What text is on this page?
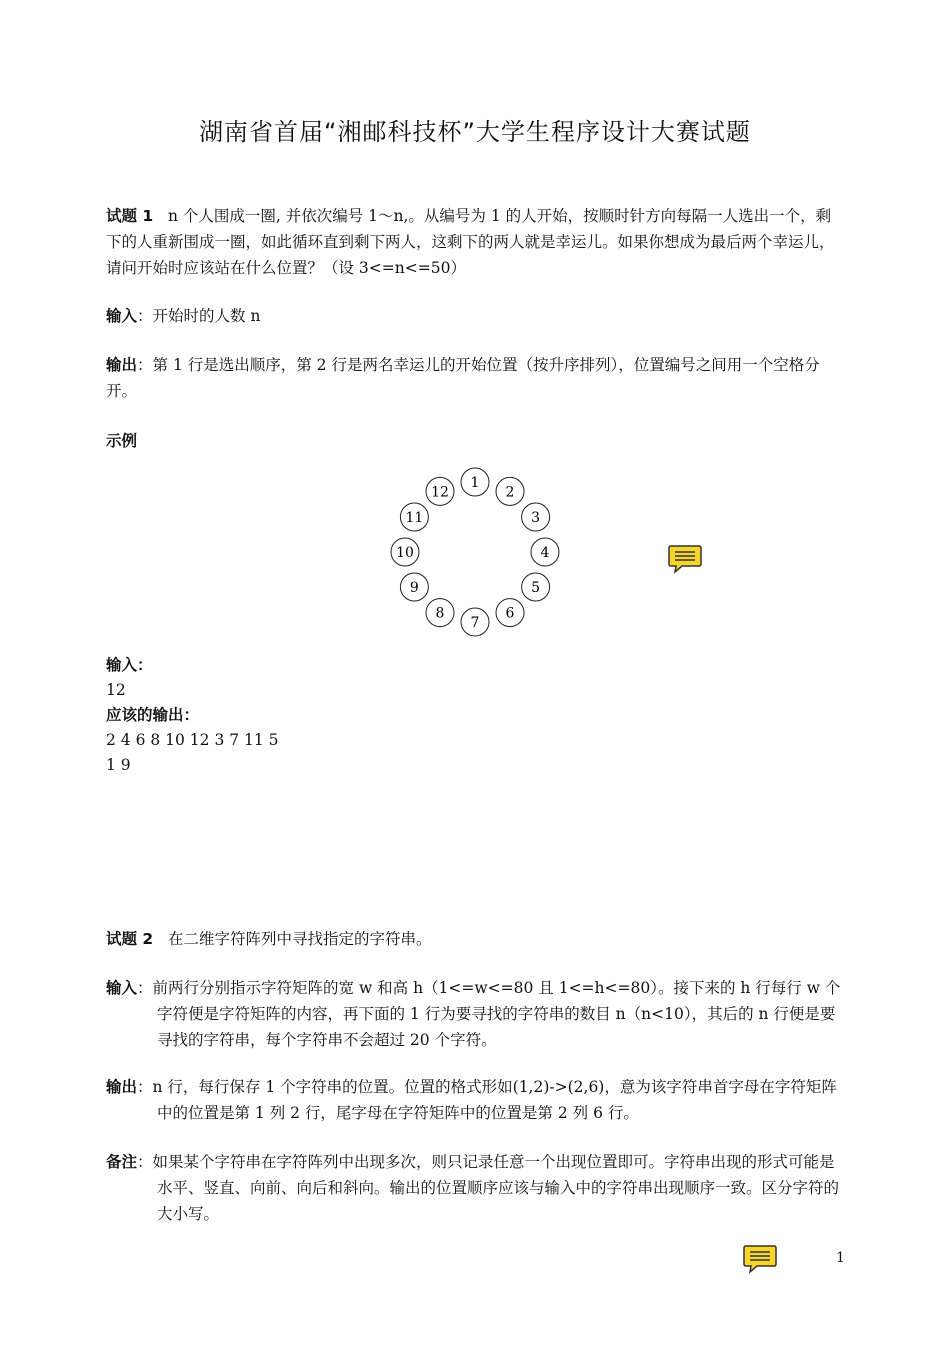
湖南省首届“湘邮科技杯”大学生程序设计大赛试题
试题 1 n 个人围成一圈, 并依次编号 1～n,。从编号为 1 的人开始，按顺时针方向每隔一人选出一个，剩下的人重新围成一圈，如此循环直到剩下两人，这剩下的两人就是幸运儿。如果你想成为最后两个幸运儿，请问开始时应该站在什么位置？（设 3<=n<=50）
输入：开始时的人数 n
输出：第 1 行是选出顺序，第 2 行是两名幸运儿的开始位置（按升序排列），位置编号之间用一个空格分开。
示例
1
2
3
4
5
6
7
8
9
10
11
12
输入：
12
应该的输出：
2 4 6 8 10 12 3 7 11 5
1 9
试题 2 在二维字符阵列中寻找指定的字符串。
输入：前两行分别指示字符矩阵的宽 w 和高 h（1<=w<=80 且 1<=h<=80）。接下来的 h 行每行 w 个字符便是字符矩阵的内容，再下面的 1 行为要寻找的字符串的数目 n（n<10），其后的 n 行便是要寻找的字符串，每个字符串不会超过 20 个字符。
输出：n 行，每行保存 1 个字符串的位置。位置的格式形如(1,2)->(2,6)，意为该字符串首字母在字符矩阵中的位置是第 1 列 2 行，尾字母在字符矩阵中的位置是第 2 列 6 行。
备注：如果某个字符串在字符阵列中出现多次，则只记录任意一个出现位置即可。字符串出现的形式可能是水平、竖直、向前、向后和斜向。输出的位置顺序应该与输入中的字符串出现顺序一致。区分字符的大小写。
1
